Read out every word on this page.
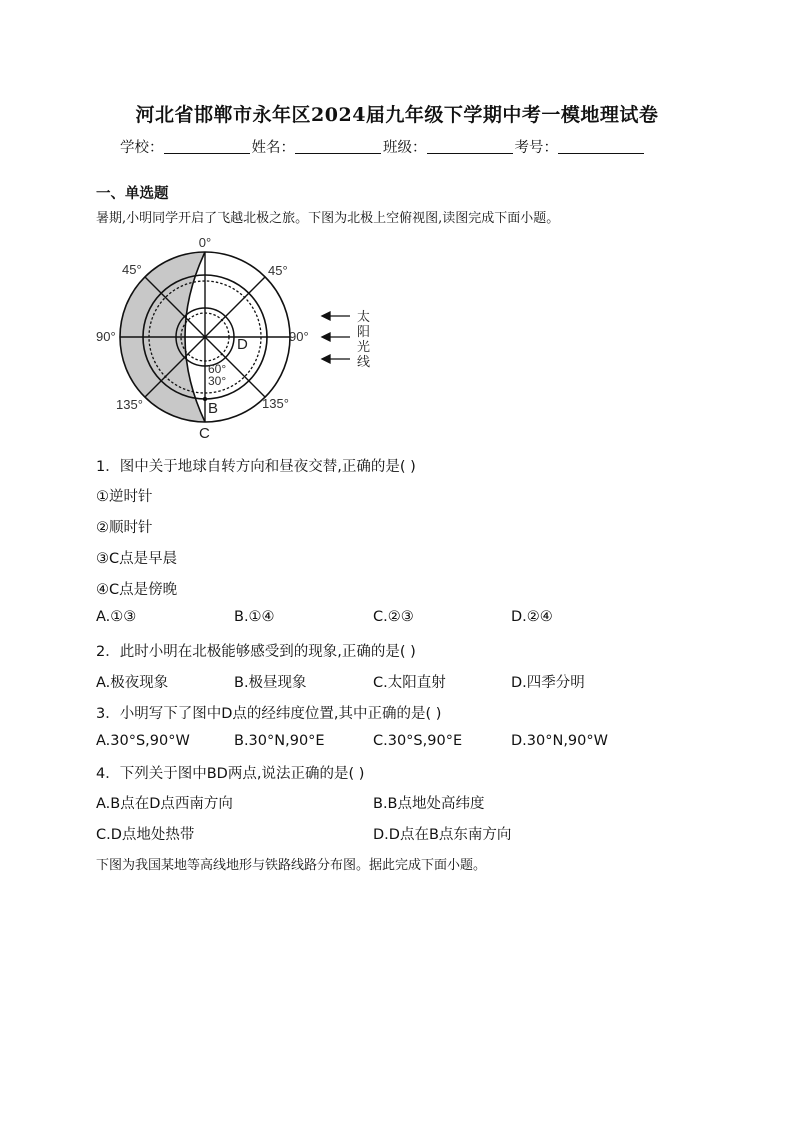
河北省邯郸市永年区2024届九年级下学期中考一模地理试卷
学校：	姓名：	班级：	考号：
一、单选题
暑期,小明同学开启了飞越北极之旅。下图为北极上空俯视图,读图完成下面小题。
0°
45°	45°
90°	90°
135°	135°
60°
30°
B
C
D
太
阳
光
线
1．图中关于地球自转方向和昼夜交替,正确的是( )
①逆时针
②顺时针
③C点是早晨
④C点是傍晚
A.①③	B.①④	C.②③	D.②④
2．此时小明在北极能够感受到的现象,正确的是( )
A.极夜现象	B.极昼现象	C.太阳直射	D.四季分明
3．小明写下了图中D点的经纬度位置,其中正确的是( )
A.30°S,90°W	B.30°N,90°E	C.30°S,90°E	D.30°N,90°W
4．下列关于图中BD两点,说法正确的是( )
A.B点在D点西南方向	B.B点地处高纬度
C.D点地处热带	D.D点在B点东南方向
下图为我国某地等高线地形与铁路线路分布图。据此完成下面小题。
